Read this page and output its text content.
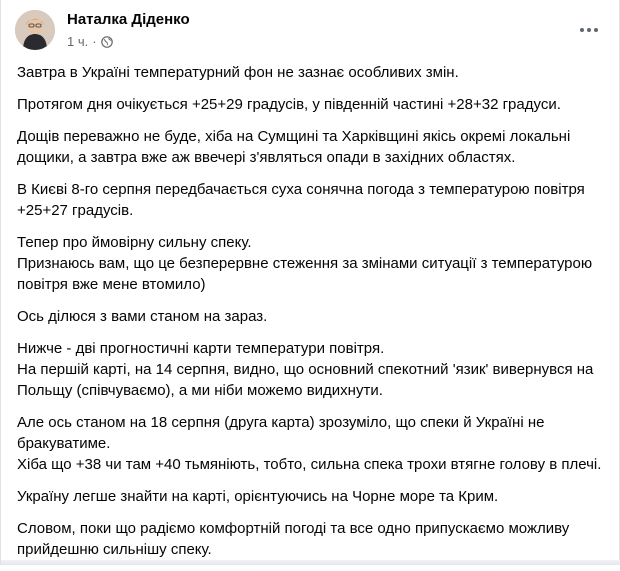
Наталка Діденко
1 ч. ·

Завтра в Україні температурний фон не зазнає особливих змін.

Протягом дня очікується +25+29 градусів, у південній частині +28+32 градуси.

Дощів переважно не буде, хіба на Сумщині та Харківщині якісь окремі локальні дощики, а завтра вже аж ввечері з'являться опади в західних областях.

В Києві 8-го серпня передбачається суха сонячна погода з температурою повітря +25+27 градусів.

Тепер про ймовірну сильну спеку.
Признаюсь вам, що це безперервне стеження за змінами ситуації з температурою повітря вже мене втомило)

Ось ділюся з вами станом на зараз.

Нижче - дві прогностичні карти температури повітря.
На першій карті, на 14 серпня, видно, що основний спекотний 'язик' вивернувся на Польщу (співчуваємо), а ми ніби можемо видихнути.

Але ось станом на 18 серпня (друга карта) зрозуміло, що спеки й Україні не бракуватиме.
Хіба що +38 чи там +40 тьмяніють, тобто, сильна спека трохи втягне голову в плечі.

Україну легше знайти на карті, орієнтуючись на Чорне море та Крим.

Словом, поки що радіємо комфортній погоді та все одно припускаємо можливу прийдешню сильнішу спеку.
